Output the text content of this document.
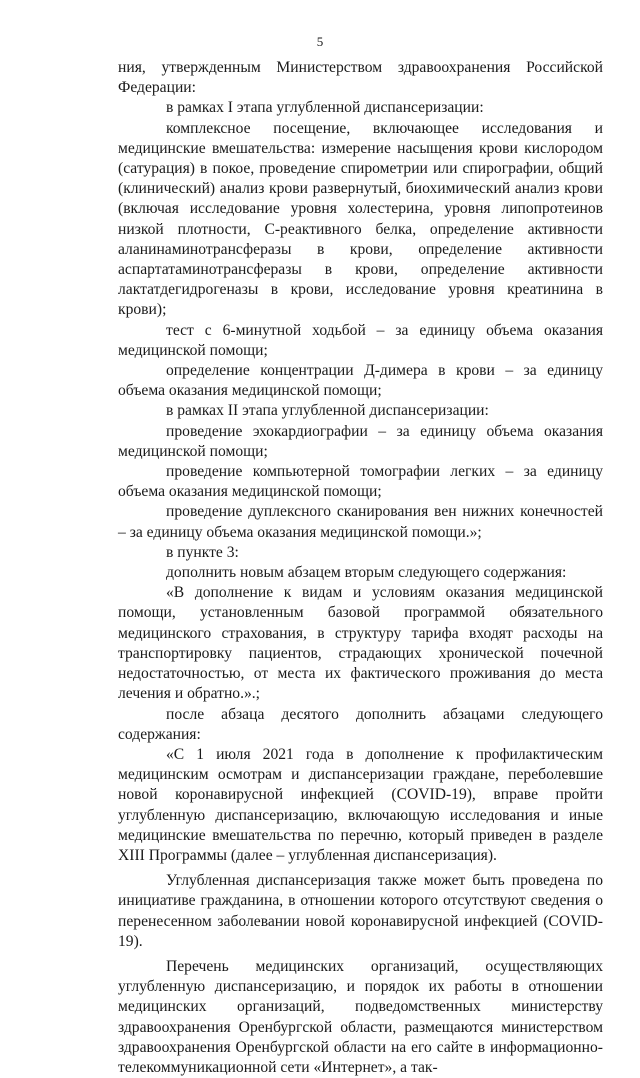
5

ния, утвержденным Министерством здравоохранения Российской Федерации:

в рамках I этапа углубленной диспансеризации:

комплексное посещение, включающее исследования и медицинские вмешательства: измерение насыщения крови кислородом (сатурация) в покое, проведение спирометрии или спирографии, общий (клинический) анализ крови развернутый, биохимический анализ крови (включая исследование уровня холестерина, уровня липопротеинов низкой плотности, С-реактивного белка, определение активности аланинаминотрансферазы в крови, определение активности аспартатаминотрансферазы в крови, определение активности лактатдегидрогеназы в крови, исследование уровня креатинина в крови);

тест с 6-минутной ходьбой – за единицу объема оказания медицинской помощи;

определение концентрации Д-димера в крови – за единицу объема оказания медицинской помощи;

в рамках II этапа углубленной диспансеризации:

проведение эхокардиографии – за единицу объема оказания медицинской помощи;

проведение компьютерной томографии легких – за единицу объема оказания медицинской помощи;

проведение дуплексного сканирования вен нижних конечностей – за единицу объема оказания медицинской помощи.»;

в пункте 3:

дополнить новым абзацем вторым следующего содержания:

«В дополнение к видам и условиям оказания медицинской помощи, установленным базовой программой обязательного медицинского страхования, в структуру тарифа входят расходы на транспортировку пациентов, страдающих хронической почечной недостаточностью, от места их фактического проживания до места лечения и обратно.».;

после абзаца десятого дополнить абзацами следующего содержания:

«С 1 июля 2021 года в дополнение к профилактическим медицинским осмотрам и диспансеризации граждане, переболевшие новой коронавирусной инфекцией (COVID-19), вправе пройти углубленную диспансеризацию, включающую исследования и иные медицинские вмешательства по перечню, который приведен в разделе XIII Программы (далее – углубленная диспансеризация).

Углубленная диспансеризация также может быть проведена по инициативе гражданина, в отношении которого отсутствуют сведения о перенесенном заболевании новой коронавирусной инфекцией (COVID-19).

Перечень медицинских организаций, осуществляющих углубленную диспансеризацию, и порядок их работы в отношении медицинских организаций, подведомственных министерству здравоохранения Оренбургской области, размещаются министерством здравоохранения Оренбургской области на его сайте в информационно-телекоммуникационной сети «Интернет», а так-
